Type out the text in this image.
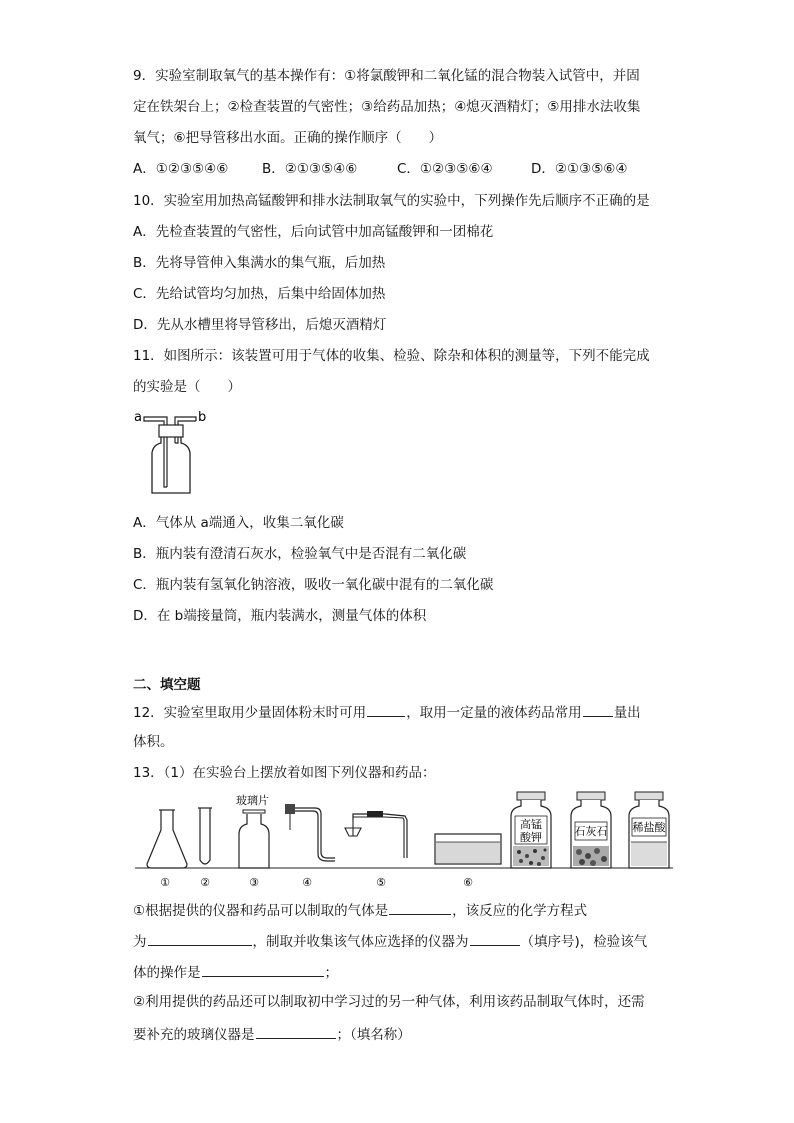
9．实验室制取氧气的基本操作有：①将氯酸钾和二氧化锰的混合物装入试管中，并固
定在铁架台上；②检查装置的气密性；③给药品加热；④熄灭酒精灯；⑤用排水法收集
氧气；⑥把导管移出水面。正确的操作顺序（　　）
A．①②③⑤④⑥ B．②①③⑤④⑥	C．①②③⑤⑥④	D．②①③⑤⑥④
10．实验室用加热高锰酸钾和排水法制取氧气的实验中，下列操作先后顺序不正确的是
A．先检查装置的气密性，后向试管中加高锰酸钾和一团棉花
B．先将导管伸入集满水的集气瓶，后加热
C．先给试管均匀加热，后集中给固体加热
D．先从水槽里将导管移出，后熄灭酒精灯
11．如图所示：该装置可用于气体的收集、检验、除杂和体积的测量等，下列不能完成
的实验是（　　）
a	b
A．气体从 a端通入，收集二氧化碳
B．瓶内装有澄清石灰水，检验氧气中是否混有二氧化碳
C．瓶内装有氢氧化钠溶液，吸收一氧化碳中混有的二氧化碳
D．在 b端接量筒，瓶内装满水，测量气体的体积
二、填空题
12．实验室里取用少量固体粉末时可用	，取用一定量的液体药品常用 量出
体积。
13．（1）在实验台上摆放着如图下列仪器和药品：
玻璃片
高锰
酸钾	石灰石 稀盐酸
①	②	③	④	⑤	⑥
①根据提供的仪器和药品可以制取的气体是	，该反应的化学方程式
为	，制取并收集该气体应选择的仪器为	（填序号)，检验该气
体的操作是	；
②利用提供的药品还可以制取初中学习过的另一种气体，利用该药品制取气体时，还需
要补充的玻璃仪器是	；（填名称）
